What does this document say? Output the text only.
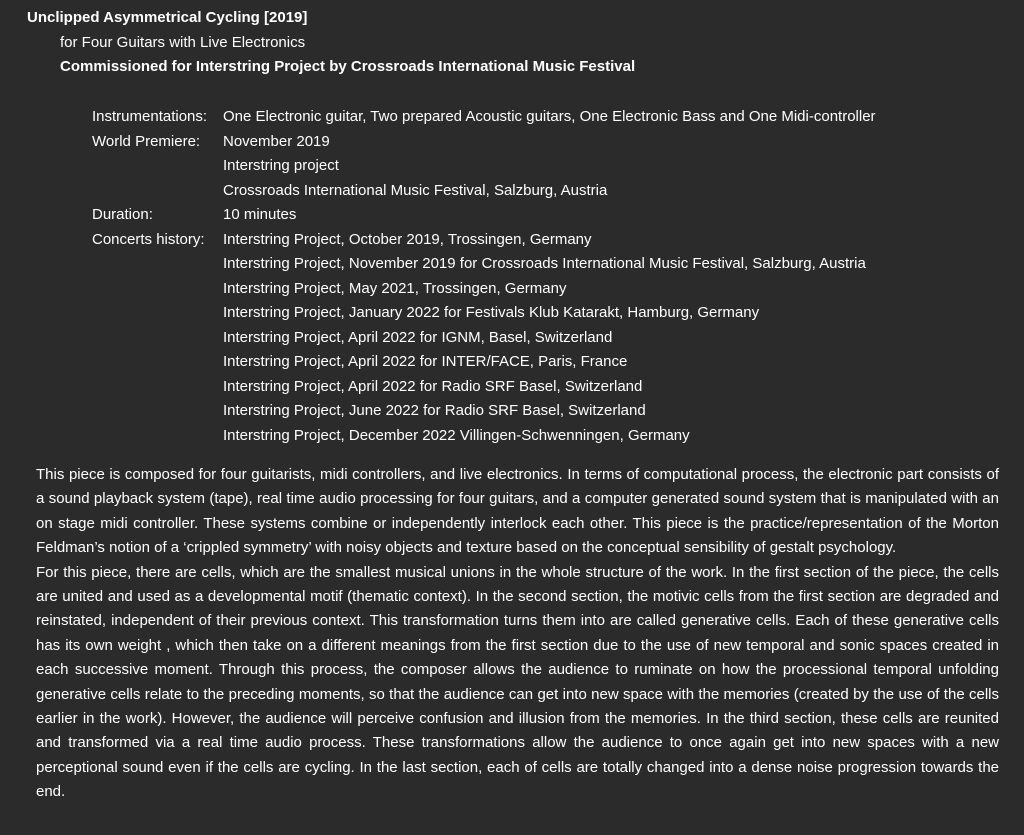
Unclipped Asymmetrical Cycling [2019]
for Four Guitars with Live Electronics
Commissioned for Interstring Project by Crossroads International Music Festival
Instrumentations:	One Electronic guitar, Two prepared Acoustic guitars, One Electronic Bass and One Midi-controller
World Premiere:	November 2019
Interstring project
Crossroads International Music Festival, Salzburg, Austria
Duration:	10 minutes
Concerts history:	Interstring Project, October 2019, Trossingen, Germany
Interstring Project, November 2019 for Crossroads International Music Festival, Salzburg, Austria
Interstring Project, May 2021, Trossingen, Germany
Interstring Project, January 2022 for Festivals Klub Katarakt, Hamburg, Germany
Interstring Project, April 2022 for IGNM, Basel, Switzerland
Interstring Project, April 2022 for INTER/FACE, Paris, France
Interstring Project, April 2022 for Radio SRF Basel, Switzerland
Interstring Project, June 2022 for Radio SRF Basel, Switzerland
Interstring Project, December 2022 Villingen-Schwenningen, Germany

This piece is composed for four guitarists, midi controllers, and live electronics. In terms of computational process, the electronic part consists of a sound playback system (tape), real time audio processing for four guitars, and a computer generated sound system that is manipulated with an on stage midi controller. These systems combine or independently interlock each other. This piece is the practice/representation of the Morton Feldman’s notion of a ‘crippled symmetry’ with noisy objects and texture based on the conceptual sensibility of gestalt psychology.

For this piece, there are cells, which are the smallest musical unions in the whole structure of the work. In the first section of the piece, the cells are united and used as a developmental motif (thematic context). In the second section, the motivic cells from the first section are degraded and reinstated, independent of their previous context. This transformation turns them into are called generative cells. Each of these generative cells has its own weight , which then take on a different meanings from the first section due to the use of new temporal and sonic spaces created in each successive moment. Through this process, the composer allows the audience to ruminate on how the processional temporal unfolding generative cells relate to the preceding moments, so that the audience can get into new space with the memories (created by the use of the cells earlier in the work). However, the audience will perceive confusion and illusion from the memories. In the third section, these cells are reunited and transformed via a real time audio process. These transformations allow the audience to once again get into new spaces with a new perceptional sound even if the cells are cycling. In the last section, each of cells are totally changed into a dense noise progression towards the end.
